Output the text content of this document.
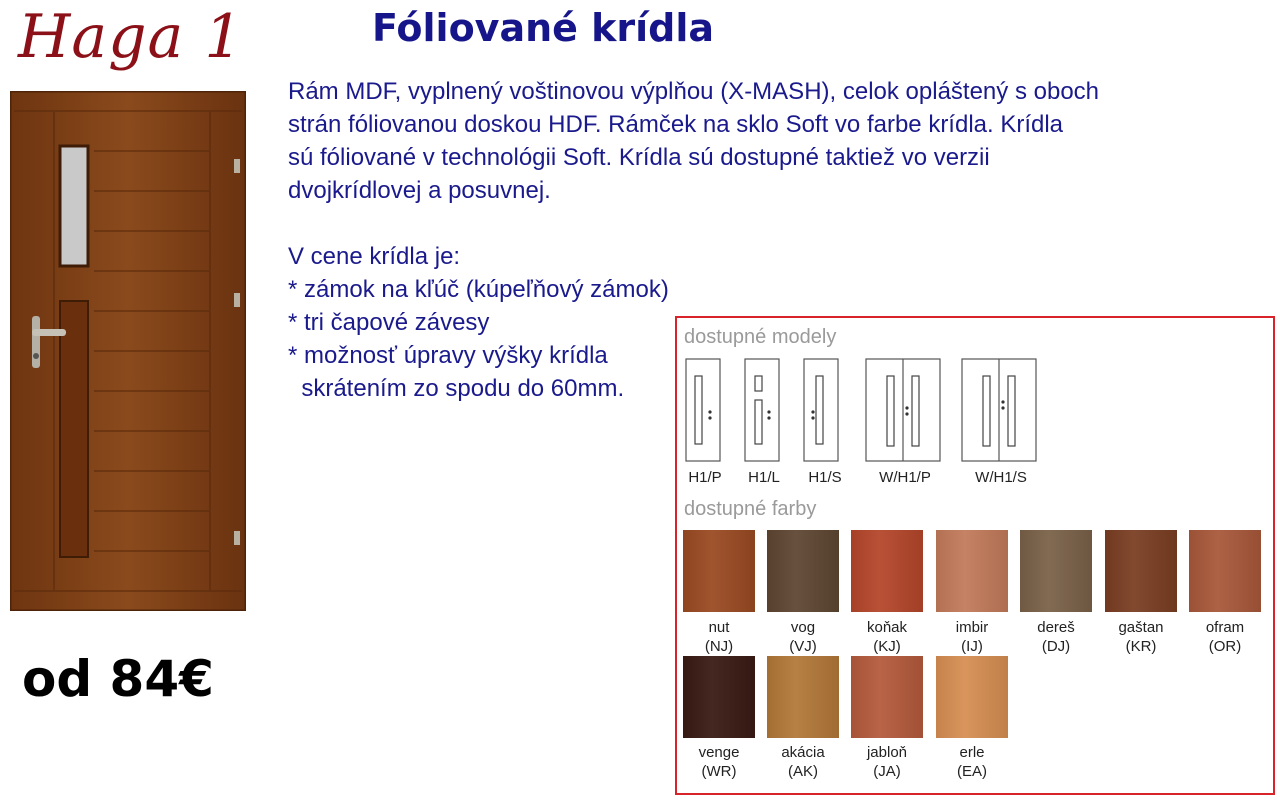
Haga 1	Fóliované krídla
Rám MDF, vyplnený voštinovou výplňou (X-MASH), celok opláštený s oboch
strán fóliovanou doskou HDF. Rámček na sklo Soft vo farbe krídla. Krídla
sú fóliované v technológii Soft. Krídla sú dostupné taktiež vo verzii
dvojkrídlovej a posuvnej.
V cene krídla je:
* zámok na kľúč (kúpeľňový zámok)
* tri čapové závesy
* možnosť úpravy výšky krídla
skrátením zo spodu do 60mm.
od 84€
dostupné modely
H1/P H1/L H1/S	W/H1/P	W/H1/S
dostupné farby
nut
(NJ)
vog
(VJ)
koňak
(KJ)
imbir
(IJ)
dereš
(DJ)
gaštan
(KR)
ofram
(OR)
venge
(WR)
akácia
(AK)
jabloň
(JA)
erle
(EA)
